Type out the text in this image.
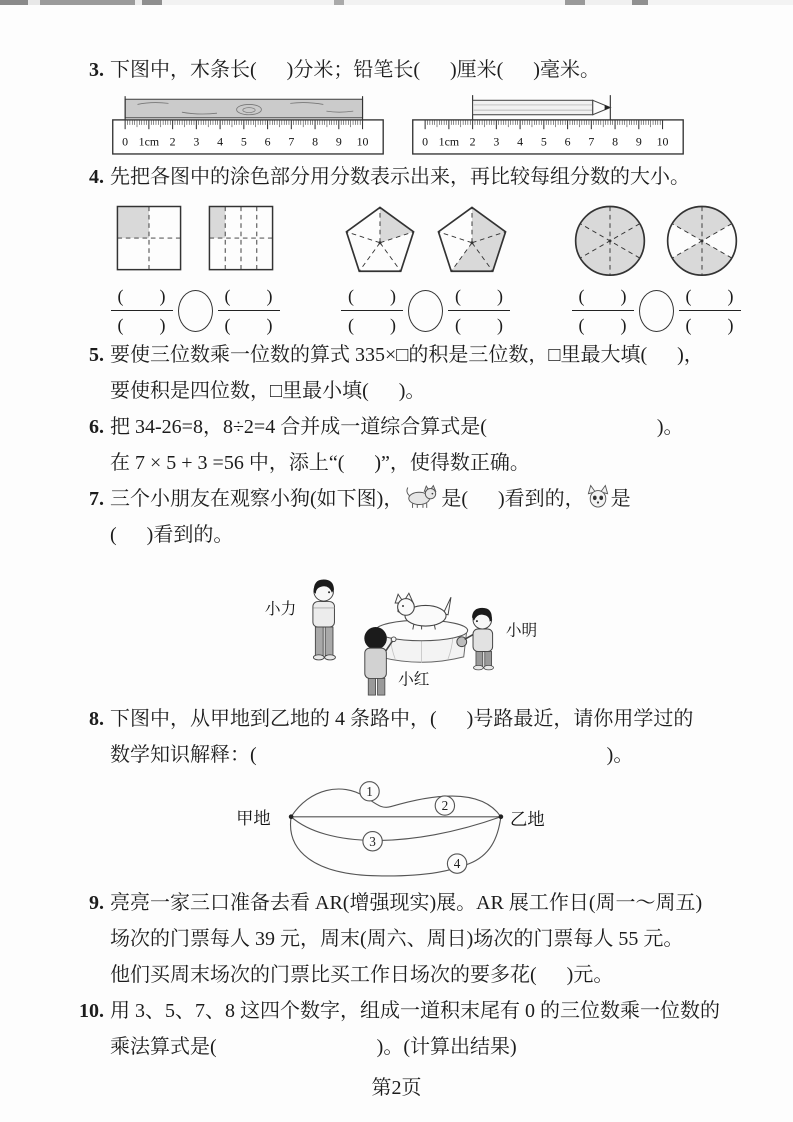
3. 下图中，木条长(      )分米；铅笔长(      )厘米(      )毫米。

0 1cm 2 3 4 5 6 7 8 9 10	0 1cm 2 3 4 5 6 7 8 9 10
4. 先把各图中的涂色部分用分数表示出来，再比较每组分数的大小。

$\frac{( )}{( )}$	$\frac{( )}{( )}$	$\frac{( )}{( )}$	$\frac{( )}{( )}$	$\frac{( )}{( )}$	$\frac{( )}{( )}$
5. 要使三位数乘一位数的算式 335×□的积是三位数，□里最大填(      )，

要使积是四位数，□里最小填(      )。

6. 把 34-26=8，8÷2=4 合并成一道综合算式是(                                  )。

在 7 × 5 + 3 =56 中，添上“(      )”，使得数正确。

7. 三个小朋友在观察小狗(如下图)， 是(      )看到的， 是

(      )看到的。

小力
小红
小明
8. 下图中，从甲地到乙地的 4 条路中，(      )号路最近，请你用学过的

数学知识解释：(                                                                      )。

甲地	乙地
1
2
3
4
9. 亮亮一家三口准备去看 AR(增强现实)展。AR 展工作日(周一～周五)

场次的门票每人 39 元，周末(周六、周日)场次的门票每人 55 元。

他们买周末场次的门票比买工作日场次的要多花(      )元。

10. 用 3、5、7、8 这四个数字，组成一道积末尾有 0 的三位数乘一位数的

乘法算式是(                                )。(计算出结果)

第2页
